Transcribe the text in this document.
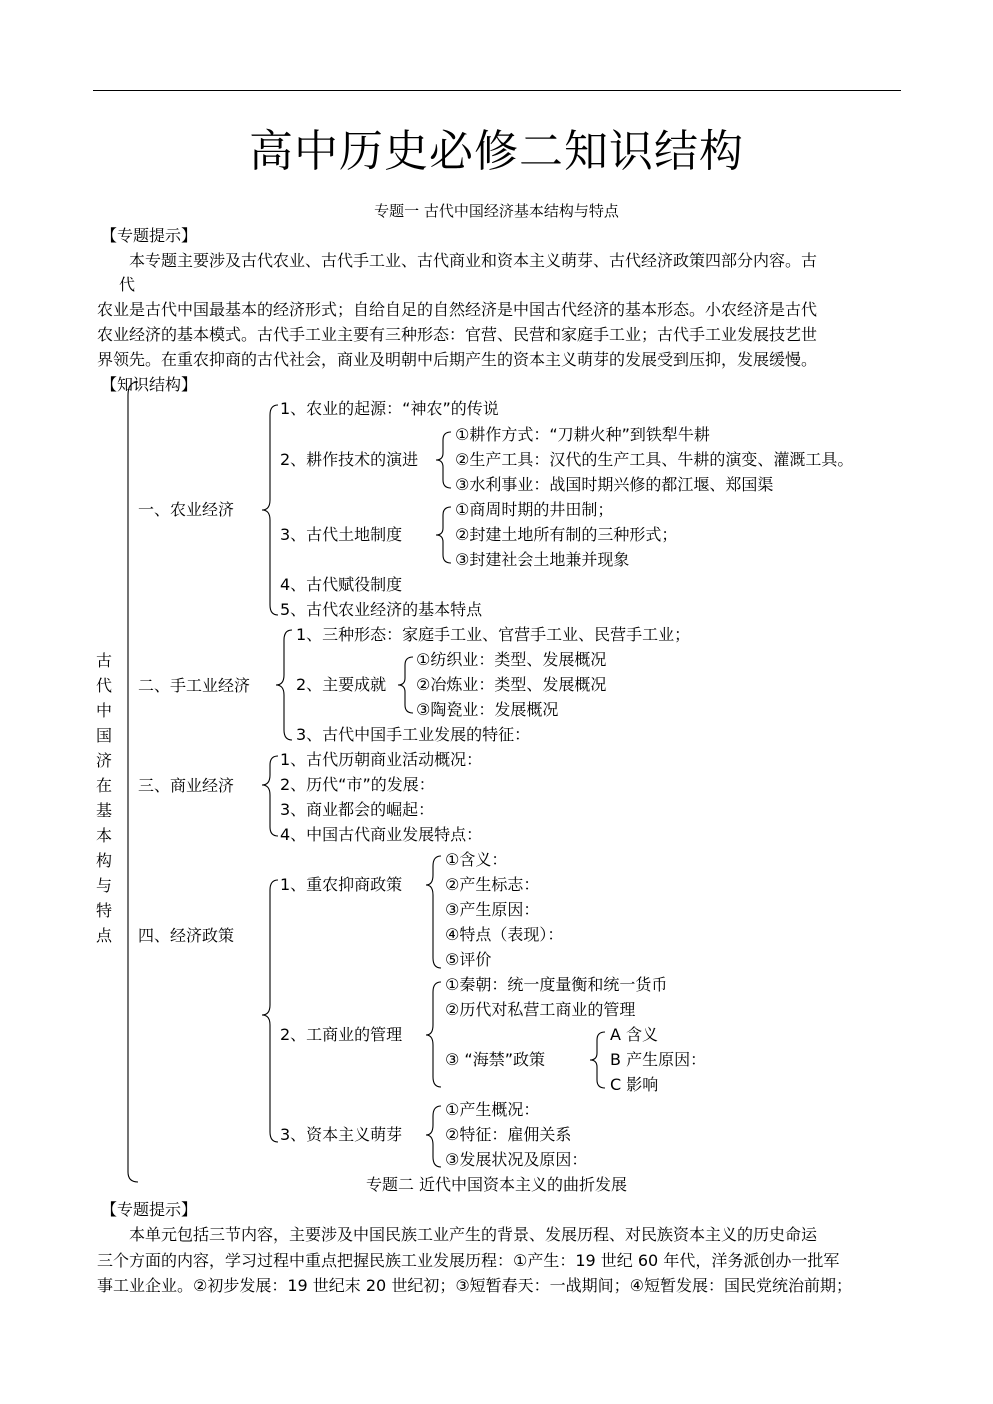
高中历史必修二知识结构
专题一 古代中国经济基本结构与特点
【专题提示】
本专题主要涉及古代农业、古代手工业、古代商业和资本主义萌芽、古代经济政策四部分内容。古
代
农业是古代中国最基本的经济形式；自给自足的自然经济是中国古代经济的基本形态。小农经济是古代
农业经济的基本模式。古代手工业主要有三种形态：官营、民营和家庭手工业；古代手工业发展技艺世
界领先。在重农抑商的古代社会，商业及明朝中后期产生的资本主义萌芽的发展受到压抑，发展缓慢。
【知识结构】
古
代
中
国
济
在
基
本
构
与
特
点
一、农业经济
1、农业的起源：“神农”的传说
2、耕作技术的演进
①耕作方式：“刀耕火种”到铁犁牛耕
②生产工具：汉代的生产工具、牛耕的演变、灌溉工具。
③水利事业：战国时期兴修的都江堰、郑国渠
3、古代土地制度
①商周时期的井田制；
②封建土地所有制的三种形式；
③封建社会土地兼并现象
4、古代赋役制度
5、古代农业经济的基本特点
二、手工业经济
1、三种形态：家庭手工业、官营手工业、民营手工业；
2、主要成就
①纺织业：类型、发展概况
②冶炼业：类型、发展概况
③陶瓷业：发展概况
3、古代中国手工业发展的特征：
三、商业经济
1、古代历朝商业活动概况：
2、历代“市”的发展：
3、商业都会的崛起：
4、中国古代商业发展特点：
四、经济政策
1、重农抑商政策
①含义：
②产生标志：
③产生原因：
④特点（表现）：
⑤评价
2、工商业的管理
①秦朝：统一度量衡和统一货币
②历代对私营工商业的管理
③ “海禁”政策
A 含义
B 产生原因：
C 影响
3、资本主义萌芽
①产生概况：
②特征：雇佣关系
③发展状况及原因：
专题二 近代中国资本主义的曲折发展
【专题提示】
本单元包括三节内容，主要涉及中国民族工业产生的背景、发展历程、对民族资本主义的历史命运
三个方面的内容，学习过程中重点把握民族工业发展历程：①产生：19 世纪 60 年代，洋务派创办一批军
事工业企业。②初步发展：19 世纪末 20 世纪初；③短暂春天：一战期间；④短暂发展：国民党统治前期；
